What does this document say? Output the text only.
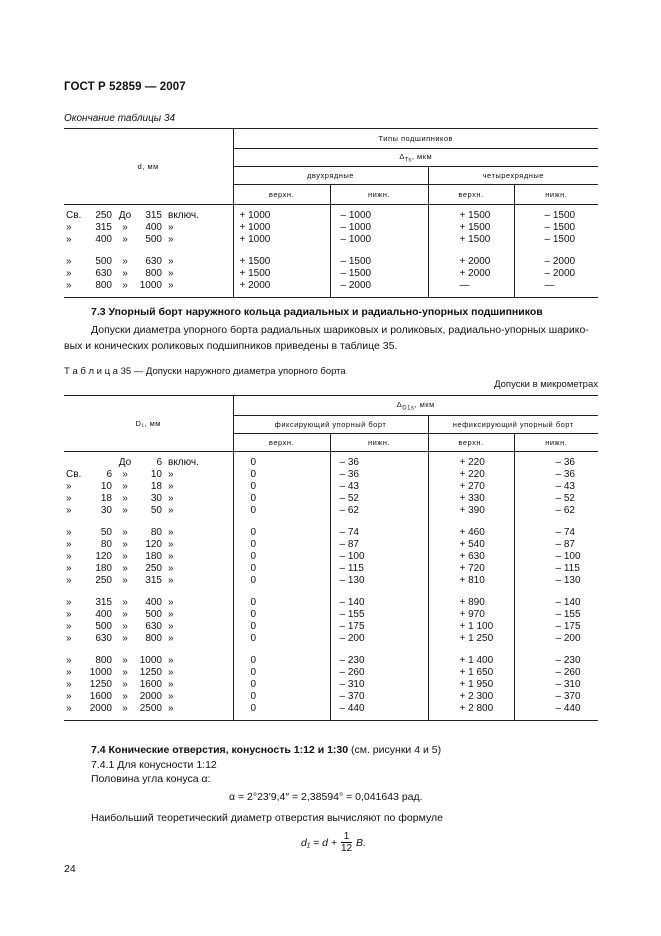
ГОСТ Р 52859 — 2007
Окончание таблицы 34
d, мм	Типы подшипников			
	$\Delta_{Ts}$, мкм			
	двухрядные		четырехрядные	
	верхн.	нижн.	верхн.	нижн.

Св. 250 До 315 включ.	+ 1000	– 1000	+ 1500	– 1500

» 315 » 400 »	+ 1000	– 1000	+ 1500	– 1500

» 400 » 500 »	+ 1000	– 1000	+ 1500	– 1500

» 500 » 630 »	+ 1500	– 1500	+ 2000	– 2000

» 630 » 800 »	+ 1500	– 1500	+ 2000	– 2000

» 800 » 1000 »	+ 2000	– 2000	—	—
7.3 Упорный борт наружного кольца радиальных и радиально-упорных подшипников
Допуски диаметра упорного борта радиальных шариковых и роликовых, радиально-упорных шарико-
вых и конических роликовых подшипников приведены в таблице 35.
Т а б л и ц а 35 — Допуски наружного диаметра упорного борта
Допуски в микрометрах
D₁, мм	$\Delta_{D1s}$, мкм			
	фиксирующий упорный борт		нефиксирующий упорный борт	
	верхн.	нижн.	верхн.	нижн.

До 6 включ.	0	– 36	+ 220	– 36

Св. 6 » 10 »	0	– 36	+ 220	– 36

» 10 » 18 »	0	– 43	+ 270	– 43

» 18 » 30 »	0	– 52	+ 330	– 52

» 30 » 50 »	0	– 62	+ 390	– 62

» 50 » 80 »	0	– 74	+ 460	– 74

» 80 » 120 »	0	– 87	+ 540	– 87

» 120 » 180 »	0	– 100	+ 630	– 100

» 180 » 250 »	0	– 115	+ 720	– 115

» 250 » 315 »	0	– 130	+ 810	– 130

» 315 » 400 »	0	– 140	+ 890	– 140

» 400 » 500 »	0	– 155	+ 970	– 155

» 500 » 630 »	0	– 175	+ 1 100	– 175

» 630 » 800 »	0	– 200	+ 1 250	– 200

» 800 » 1000 »	0	– 230	+ 1 400	– 230

» 1000 » 1250 »	0	– 260	+ 1 650	– 260

» 1250 » 1600 »	0	– 310	+ 1 950	– 310

» 1600 » 2000 »	0	– 370	+ 2 300	– 370

» 2000 » 2500 »	0	– 440	+ 2 800	– 440
7.4 Конические отверстия, конусность 1:12 и 1:30 (см. рисунки 4 и 5)
7.4.1 Для конусности 1:12
Половина угла конуса α:
α = 2°23′9,4″ = 2,38594° = 0,041643 рад.
Наибольший теоретический диаметр отверстия вычисляют по формуле
$d_1 = d + \frac{1}{12} B$.
24
